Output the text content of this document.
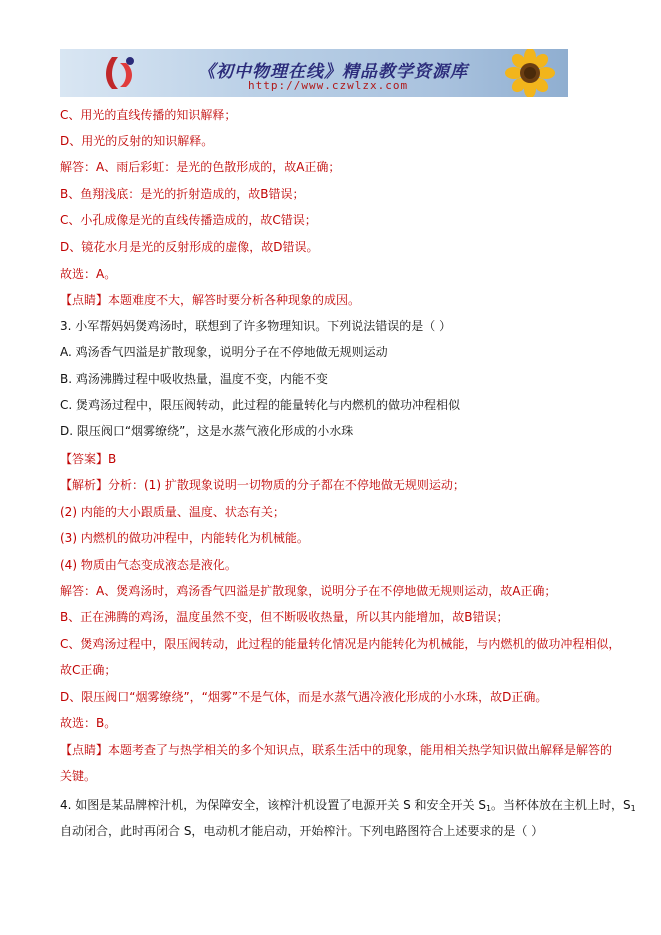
《初中物理在线》精品教学资源库
http://www.czwlzx.com
C、用光的直线传播的知识解释；
D、用光的反射的知识解释。
解答：A、雨后彩虹：是光的色散形成的，故A正确；
B、鱼翔浅底：是光的折射造成的，故B错误；
C、小孔成像是光的直线传播造成的，故C错误；
D、镜花水月是光的反射形成的虚像，故D错误。
故选：A。
【点睛】本题难度不大，解答时要分析各种现象的成因。
3. 小军帮妈妈煲鸡汤时，联想到了许多物理知识。下列说法错误的是（ ）
A. 鸡汤香气四溢是扩散现象，说明分子在不停地做无规则运动
B. 鸡汤沸腾过程中吸收热量，温度不变，内能不变
C. 煲鸡汤过程中，限压阀转动，此过程的能量转化与内燃机的做功冲程相似
D. 限压阀口“烟雾缭绕”，这是水蒸气液化形成的小水珠
【答案】B
【解析】分析：(1) 扩散现象说明一切物质的分子都在不停地做无规则运动；
(2) 内能的大小跟质量、温度、状态有关；
(3) 内燃机的做功冲程中，内能转化为机械能。
(4) 物质由气态变成液态是液化。
解答：A、煲鸡汤时，鸡汤香气四溢是扩散现象，说明分子在不停地做无规则运动，故A正确；
B、正在沸腾的鸡汤，温度虽然不变，但不断吸收热量，所以其内能增加，故B错误；
C、煲鸡汤过程中，限压阀转动，此过程的能量转化情况是内能转化为机械能，与内燃机的做功冲程相似，
故C正确；
D、限压阀口“烟雾缭绕”，“烟雾”不是气体，而是水蒸气遇冷液化形成的小水珠，故D正确。
故选：B。
【点睛】本题考查了与热学相关的多个知识点，联系生活中的现象，能用相关热学知识做出解释是解答的
关键。
4. 如图是某品牌榨汁机，为保障安全，该榨汁机设置了电源开关 S 和安全开关 $S_1$。当杯体放在主机上时，$S_1$
自动闭合，此时再闭合 S，电动机才能启动，开始榨汁。下列电路图符合上述要求的是（ ）
